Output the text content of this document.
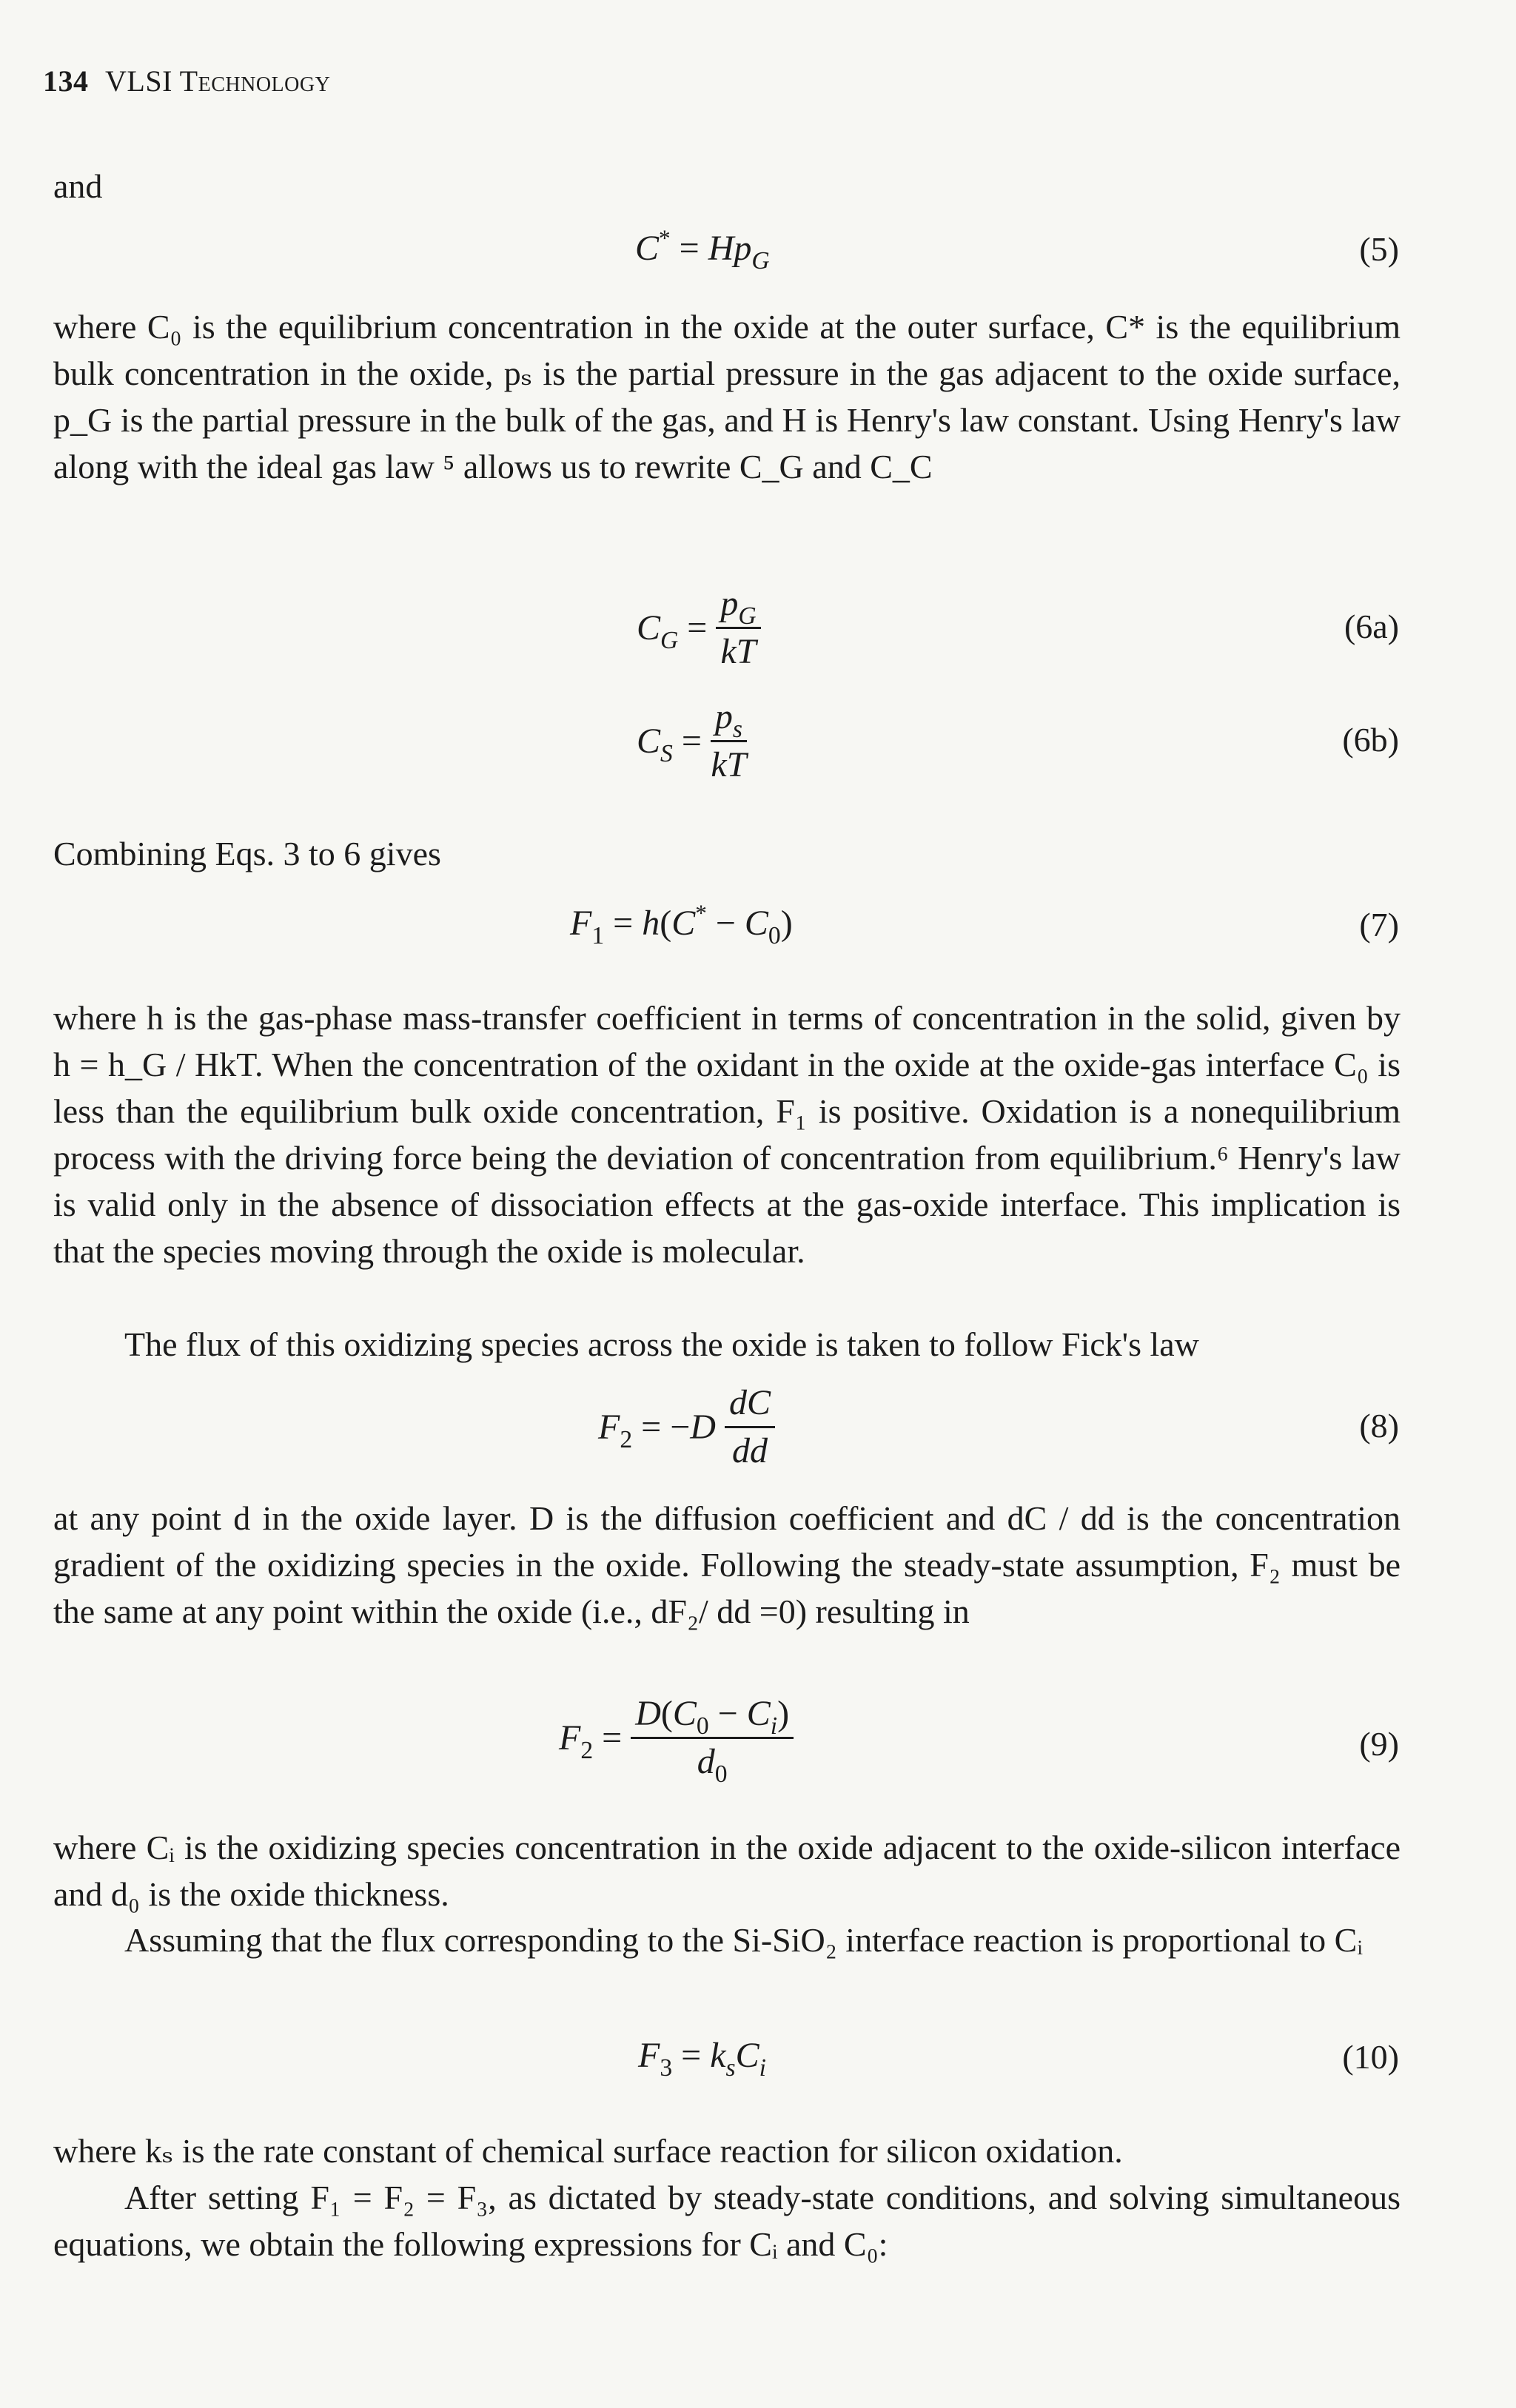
134 VLSI Technology
and
$C^* = Hp_G$	(5)
where C₀ is the equilibrium concentration in the oxide at the outer surface, C* is the equilibrium bulk concentration in the oxide, pₛ is the partial pressure in the gas adjacent to the oxide surface, p_G is the partial pressure in the bulk of the gas, and H is Henry's law constant. Using Henry's law along with the ideal gas law ⁵ allows us to rewrite C_G and C_C
$C_G = \frac{p_G}{kT}$	(6a)
$C_S = \frac{p_s}{kT}$	(6b)
Combining Eqs. 3 to 6 gives
$F_1 = h(C^* - C_0)$	(7)
where h is the gas-phase mass-transfer coefficient in terms of concentration in the solid, given by h = h_G / HkT. When the concentration of the oxidant in the oxide at the oxide-gas interface C₀ is less than the equilibrium bulk oxide concentration, F₁ is positive. Oxidation is a nonequilibrium process with the driving force being the deviation of concentration from equilibrium.⁶ Henry's law is valid only in the absence of dissociation effects at the gas-oxide interface. This implication is that the species moving through the oxide is molecular.
The flux of this oxidizing species across the oxide is taken to follow Fick's law
$F_2 = -D \frac{dC}{dd}$	(8)
at any point d in the oxide layer. D is the diffusion coefficient and dC / dd is the concentration gradient of the oxidizing species in the oxide. Following the steady-state assumption, F₂ must be the same at any point within the oxide (i.e., dF₂/ dd =0) resulting in
$F_2 = \frac{D(C_0 - C_i)}{d_0}$	(9)
where Cᵢ is the oxidizing species concentration in the oxide adjacent to the oxide-silicon interface and d₀ is the oxide thickness.
Assuming that the flux corresponding to the Si-SiO₂ interface reaction is proportional to Cᵢ
$F_3 = k_sC_i$	(10)
where kₛ is the rate constant of chemical surface reaction for silicon oxidation.
After setting F₁ = F₂ = F₃, as dictated by steady-state conditions, and solving simultaneous equations, we obtain the following expressions for Cᵢ and C₀:
